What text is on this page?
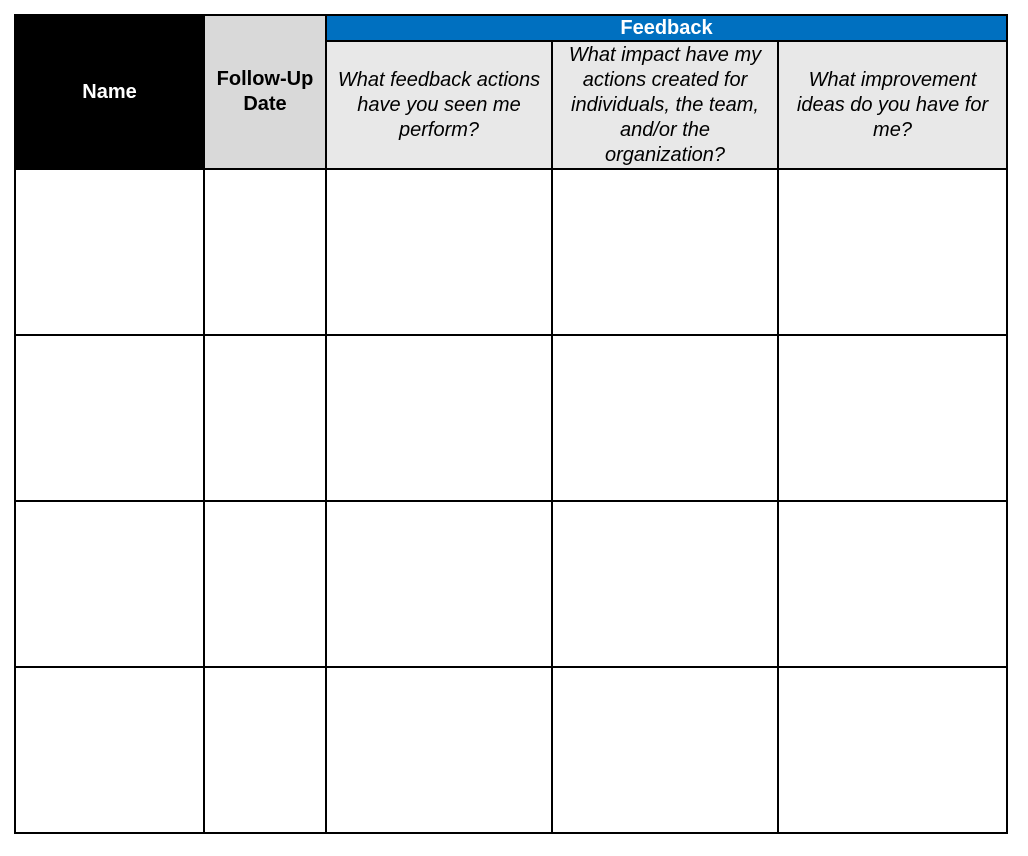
Name	Follow-Up Date	Feedback		

		What feedback actions have you seen me perform?	What impact have my actions created for individuals, the team, and/or the organization?	What improvement ideas do you have for me?
